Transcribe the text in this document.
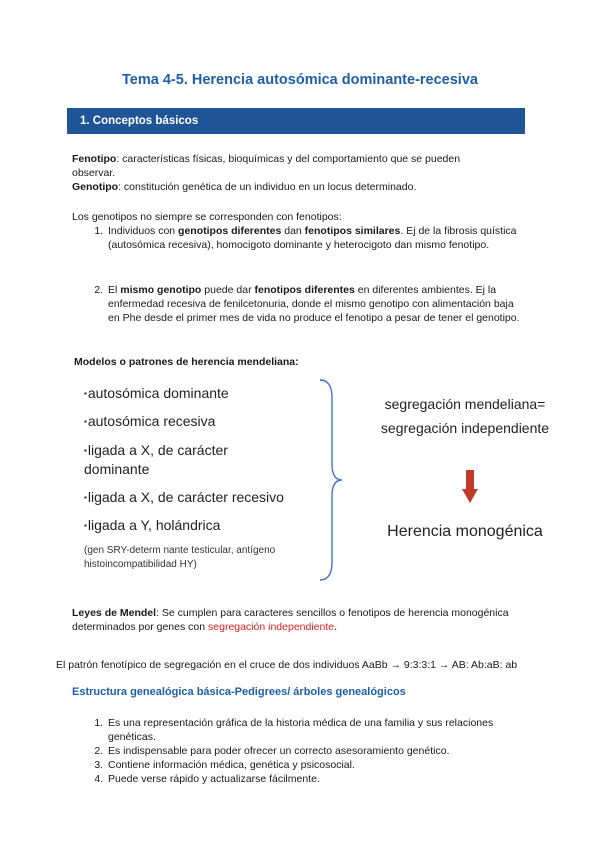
Tema 4-5. Herencia autosómica dominante-recesiva
1. Conceptos básicos
Fenotipo: características físicas, bioquímicas y del comportamiento que se pueden
observar.
Genotipo: constitución genética de un individuo en un locus determinado.
Los genotipos no siempre se corresponden con fenotipos:
1. Individuos con genotipos diferentes dan fenotipos similares. Ej de la fibrosis quística (autosómica recesiva), homocigoto dominante y heterocigoto dan mismo fenotipo.
2. El mismo genotipo puede dar fenotipos diferentes en diferentes ambientes. Ej la enfermedad recesiva de fenilcetonuria, donde el mismo genotipo con alimentación baja en Phe desde el primer mes de vida no produce el fenotipo a pesar de tener el genotipo.
Modelos o patrones de herencia mendeliana:
▪autosómica dominante
▪autosómica recesiva
▪ligada a X, de carácter dominante
▪ligada a X, de carácter recesivo
▪ligada a Y, holándrica
(gen SRY-determ nante testicular, antígeno histoincompatibilidad HY)
segregación mendeliana=
segregación independiente
Herencia monogénica
Leyes de Mendel: Se cumplen para caracteres sencillos o fenotipos de herencia monogénica determinados por genes con segregación independiente.
El patrón fenotípico de segregación en el cruce de dos individuos AaBb → 9:3:3:1 → AB: Ab:aB: ab
Estructura genealógica básica-Pedigrees/ árboles genealógicos
1. Es una representación gráfica de la historia médica de una familia y sus relaciones genéticas.
2. Es indispensable para poder ofrecer un correcto asesoramiento genético.
3. Contiene información médica, genética y psicosocial.
4. Puede verse rápido y actualizarse fácilmente.
